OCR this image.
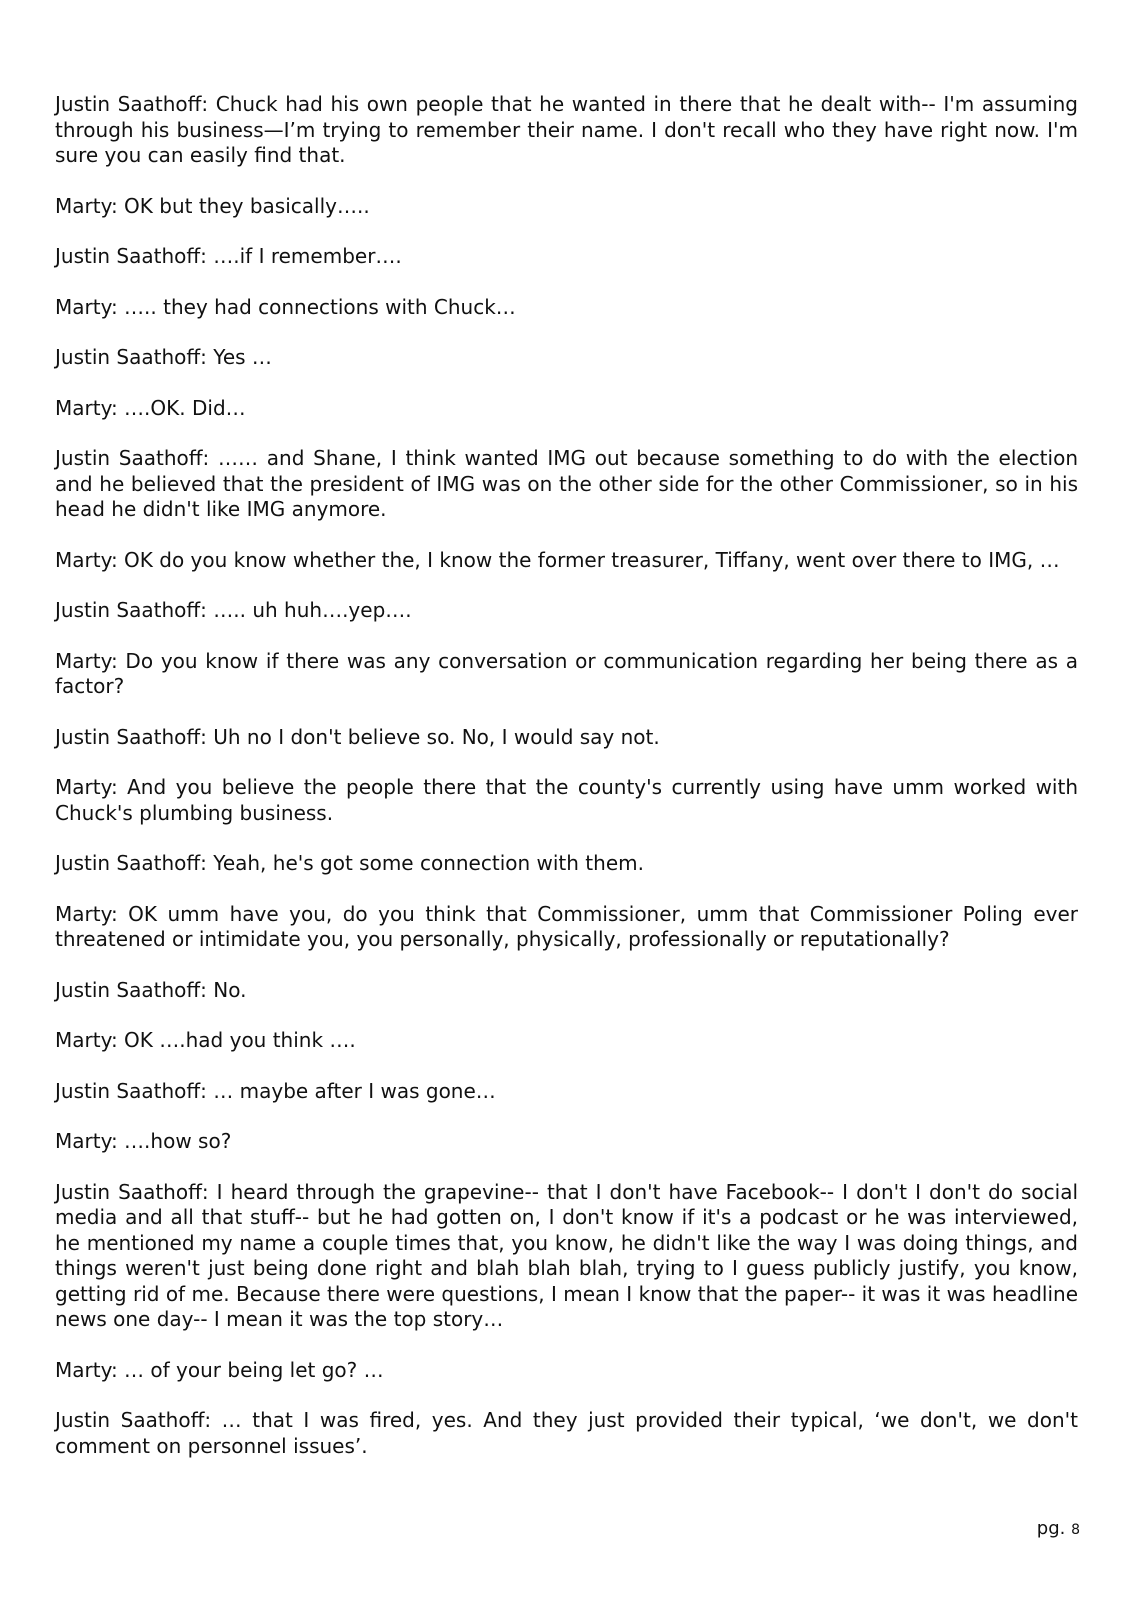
Justin Saathoff: Chuck had his own people that he wanted in there that he dealt with-- I'm assuming through his business—I’m trying to remember their name. I don't recall who they have right now. I'm sure you can easily find that.

Marty: OK but they basically…..

Justin Saathoff: ….if I remember….

Marty: ….. they had connections with Chuck…

Justin Saathoff: Yes …

Marty: ….OK. Did…

Justin Saathoff: …… and Shane, I think wanted IMG out because something to do with the election and he believed that the president of IMG was on the other side for the other Commissioner, so in his head he didn't like IMG anymore.

Marty: OK do you know whether the, I know the former treasurer, Tiffany, went over there to IMG, …

Justin Saathoff: ….. uh huh….yep….

Marty: Do you know if there was any conversation or communication regarding her being there as a factor?

Justin Saathoff: Uh no I don't believe so. No, I would say not.

Marty: And you believe the people there that the county's currently using have umm worked with Chuck's plumbing business.

Justin Saathoff: Yeah, he's got some connection with them.

Marty: OK umm have you, do you think that Commissioner, umm that Commissioner Poling ever threatened or intimidate you, you personally, physically, professionally or reputationally?

Justin Saathoff: No.

Marty: OK ….had you think ….

Justin Saathoff: … maybe after I was gone…

Marty: ….how so?

Justin Saathoff: I heard through the grapevine-- that I don't have Facebook-- I don't I don't do social media and all that stuff-- but he had gotten on, I don't know if it's a podcast or he was interviewed, he mentioned my name a couple times that, you know, he didn't like the way I was doing things, and things weren't just being done right and blah blah blah, trying to I guess publicly justify, you know, getting rid of me. Because there were questions, I mean I know that the paper-- it was it was headline news one day-- I mean it was the top story…

Marty: … of your being let go? …

Justin Saathoff: … that I was fired, yes. And they just provided their typical, ‘we don't, we don't comment on personnel issues’.

pg. 8
